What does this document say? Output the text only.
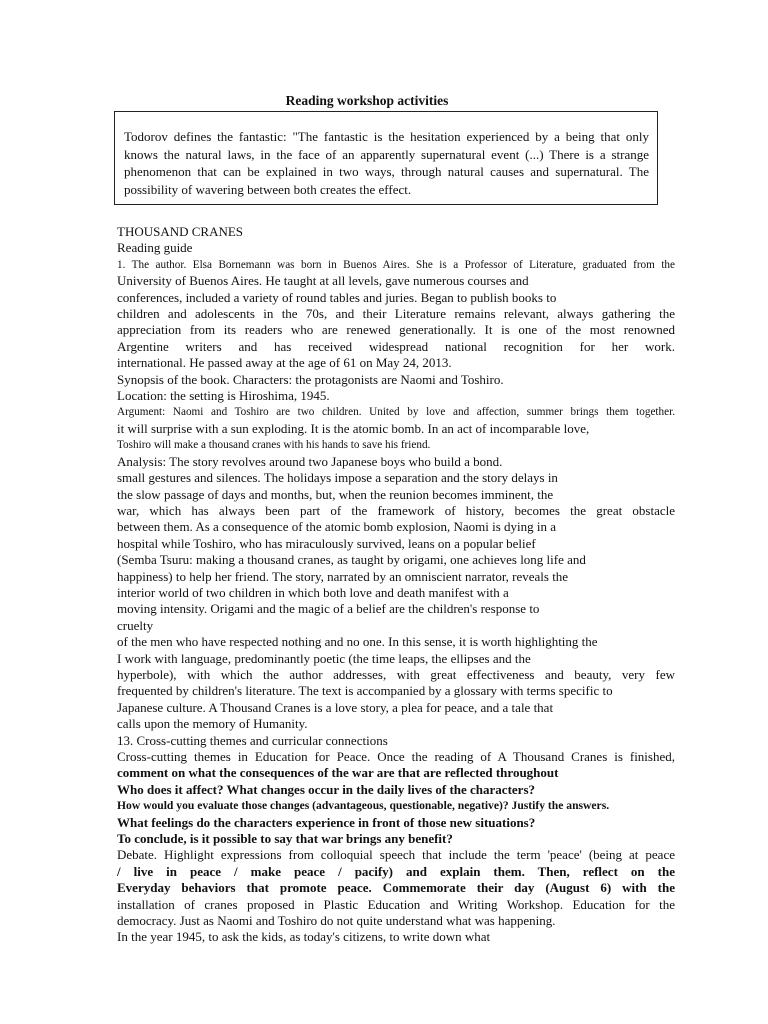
Reading workshop activities
Todorov defines the fantastic: "The fantastic is the hesitation experienced by a being that only knows the natural laws, in the face of an apparently supernatural event (...) There is a strange phenomenon that can be explained in two ways, through natural causes and supernatural. The possibility of wavering between both creates the effect.
THOUSAND CRANES
Reading guide
1. The author. Elsa Bornemann was born in Buenos Aires. She is a Professor of Literature, graduated from the
University of Buenos Aires. He taught at all levels, gave numerous courses and
conferences, included a variety of round tables and juries. Began to publish books to
children and adolescents in the 70s, and their Literature remains relevant, always gathering the
appreciation from its readers who are renewed generationally. It is one of the most renowned
Argentine writers and has received widespread national recognition for her work.
international. He passed away at the age of 61 on May 24, 2013.
Synopsis of the book. Characters: the protagonists are Naomi and Toshiro.
Location: the setting is Hiroshima, 1945.
Argument: Naomi and Toshiro are two children. United by love and affection, summer brings them together.
it will surprise with a sun exploding. It is the atomic bomb. In an act of incomparable love,
Toshiro will make a thousand cranes with his hands to save his friend.
Analysis: The story revolves around two Japanese boys who build a bond.
small gestures and silences. The holidays impose a separation and the story delays in
the slow passage of days and months, but, when the reunion becomes imminent, the
war, which has always been part of the framework of history, becomes the great obstacle
between them. As a consequence of the atomic bomb explosion, Naomi is dying in a
hospital while Toshiro, who has miraculously survived, leans on a popular belief
(Semba Tsuru: making a thousand cranes, as taught by origami, one achieves long life and
happiness) to help her friend. The story, narrated by an omniscient narrator, reveals the
interior world of two children in which both love and death manifest with a
moving intensity. Origami and the magic of a belief are the children's response to
cruelty
of the men who have respected nothing and no one. In this sense, it is worth highlighting the
I work with language, predominantly poetic (the time leaps, the ellipses and the
hyperbole), with which the author addresses, with great effectiveness and beauty, very few
frequented by children's literature. The text is accompanied by a glossary with terms specific to
Japanese culture. A Thousand Cranes is a love story, a plea for peace, and a tale that
calls upon the memory of Humanity.
13. Cross-cutting themes and curricular connections
Cross-cutting themes in Education for Peace. Once the reading of A Thousand Cranes is finished,
comment on what the consequences of the war are that are reflected throughout
Who does it affect? What changes occur in the daily lives of the characters?
How would you evaluate those changes (advantageous, questionable, negative)? Justify the answers.
What feelings do the characters experience in front of those new situations?
To conclude, is it possible to say that war brings any benefit?
Debate. Highlight expressions from colloquial speech that include the term 'peace' (being at peace
/ live in peace / make peace / pacify) and explain them. Then, reflect on the
Everyday behaviors that promote peace. Commemorate their day (August 6) with the
installation of cranes proposed in Plastic Education and Writing Workshop. Education for the
democracy. Just as Naomi and Toshiro do not quite understand what was happening.
In the year 1945, to ask the kids, as today's citizens, to write down what
